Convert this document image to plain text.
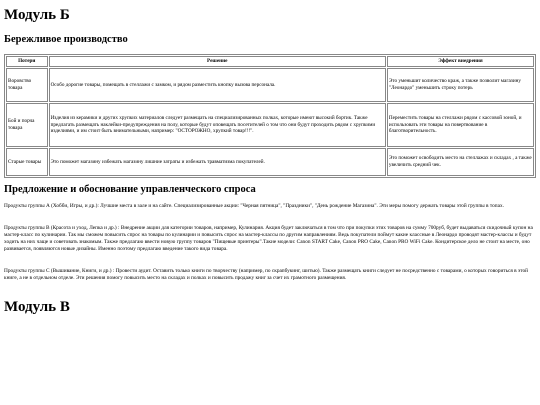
Модуль Б
Бережливое производство
Потери	Решение	Эффект внедрения
Воровство товара	Особо дорогие товары, помещать в стеллажи с замком, и рядом разместить кнопку вызова персонала.	Это уменьшит количество краж, а также позволит магазину "Леонардо" уменьшить строку потерь
Бой и порча товара	Изделия из керамики и других хрупких материалов следует размещать на специализированных полках, которые имеют высокий бортик. Также предлагать размещать наклейки-предупреждения на полу, которые будут оповещать посетителей о том что они будут проходить рядом с хрупкими изделиями, и им стоит быть внимательными, например: "ОСТОРОЖНО, хрупкий товар!!!".	Переместить товары на стеллажи рядом с кассовой зоной, и использовать эти товары на повертвование в благотворительность.
Старые товары	Это поможет магазину избежать магазину лишние затраты и избежать травматизма покупателей.	Это поможет освободить место на стеллажах и складах , а также увеличить средний чек.
Предложение и обоснование управленческого спроса

Продукты группы А (Хобби, Игры, и др.): Лучшие места в зале и на сайте. Специализированные акции: "Черная пятница", "Праздники", "День рождение Магазина". Эти меры помогу держать товары этой группы в топах.

Продукты группы В (Красота и уход, Лепка и др.) : Внедрение акции для категории товаров, например, Кулинария. Акция будет заключаться в том что при покупки этих товаров на сумму 700руб, будет выдаваться скидочный купон на мастер-класс по кулинарии. Так мы сможем повысить спрос на товары по кулинарии и повысить спрос на мастер-классы по другим направлениям. Ведь покупатели поймут какие классные в Леонардо проводят мастер-классы и будут ходить на них чаще и советовать знакомым. Также предлагаю ввести новую группу товаров "Пищевые принтеры".Такие модели: Canon START Cake, Canon PRO Cake, Canon PRO WiFi Cake. Кондитерское дело не стоит на месте, оно развивается, появляются новые дизайны. Именно поэтому предлагаю введение такого вида товара.

Продукты группы С (Вышивание, Книги, и др.) : Провести аудит. Оставить только книги по творчеству (например, по скрапбукинг, шитью). Также размещать книги следует не посредственно с товарами, о которых говориться в этой книге, а не в отдельном отделе. Эти решения помогу повысить место на складах и полках и повысить продажу книг за счет их грамотного размещения.

Модуль В
